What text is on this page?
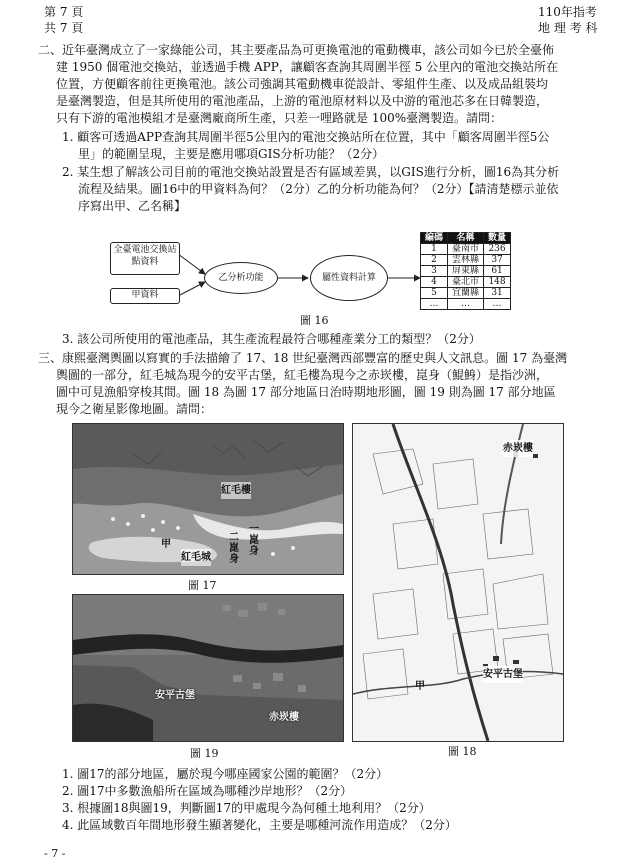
第 7 頁
共 7 頁
110年指考
地 理 考 科

二、近年臺灣成立了一家綠能公司，其主要產品為可更換電池的電動機車，該公司如今已於全臺佈

建 1950 個電池交換站，並透過手機 APP，讓顧客查詢其周圍半徑 5 公里內的電池交換站所在

位置，方便顧客前往更換電池。該公司強調其電動機車從設計、零組件生產、以及成品組裝均

是臺灣製造，但是其所使用的電池產品，上游的電池原材料以及中游的電池芯多在日韓製造，

只有下游的電池模組才是臺灣廠商所生產，只差一哩路就是 100%臺灣製造。請問：

1. 顧客可透過APP查詢其周圍半徑5公里內的電池交換站所在位置，其中「顧客周圍半徑5公

里」的範圍呈現，主要是應用哪項GIS分析功能？（2分）

2. 某生想了解該公司目前的電池交換站設置是否有區域差異，以GIS進行分析，圖16為其分析

流程及結果。圖16中的甲資料為何？（2分）乙的分析功能為何？（2分）【請清楚標示並依

序寫出甲、乙名稱】

全臺電池交換站點資料
甲資料
乙分析功能	屬性資料計算
編碼	名稱	數量
1	臺南市	236
2	雲林縣	37
3	屏東縣	61
4	臺北市	148
5	宜蘭縣	31
…	…	…
圖 16

3. 該公司所使用的電池產品，其生產流程最符合哪種產業分工的類型？（2分）

三、康熙臺灣輿圖以寫實的手法描繪了 17、18 世紀臺灣西部豐富的歷史與人文訊息。圖 17 為臺灣

輿圖的一部分，紅毛城為現今的安平古堡，紅毛樓為現今之赤崁樓，崑身（鯤鯓）是指沙洲，

圖中可見漁船穿梭其間。圖 18 為圖 17 部分地區日治時期地形圖，圖 19 則為圖 17 部分地區

現今之衛星影像地圖。請問：

紅毛樓
甲
紅毛城
二崑身
一崑身
圖 17
赤崁樓
甲
安平古堡
圖 18
安平古堡
赤崁樓
圖 19

1. 圖17的部分地區，屬於現今哪座國家公園的範圍？（2分）

2. 圖17中多數漁船所在區域為哪種沙岸地形？（2分）

3. 根據圖18與圖19，判斷圖17的甲處現今為何種土地利用？（2分）

4. 此區域數百年間地形發生顯著變化，主要是哪種河流作用造成？（2分）

- 7 -
